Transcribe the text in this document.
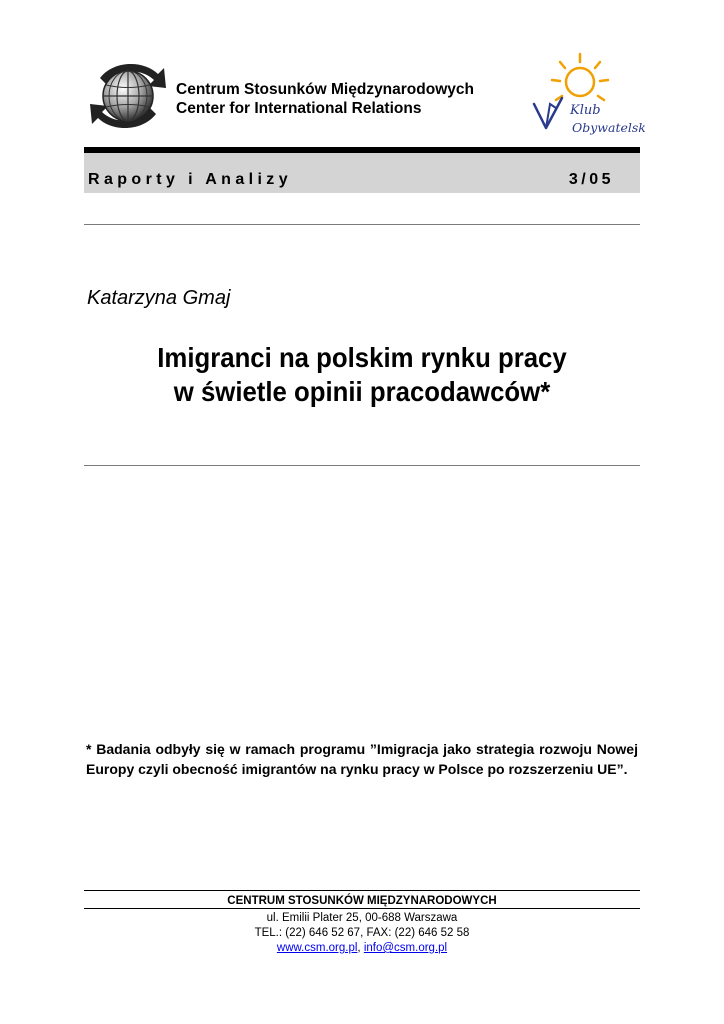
Centrum Stosunków Międzynarodowych
Center for International Relations	Klub
Obywatelski
Raporty i Analizy	3/05
Katarzyna Gmaj
Imigranci na polskim rynku pracy
w świetle opinii pracodawców*
* Badania odbyły się w ramach programu ”Imigracja jako strategia rozwoju Nowej Europy czyli obecność imigrantów na rynku pracy w Polsce po rozszerzeniu UE”.
CENTRUM STOSUNKÓW MIĘDZYNARODOWYCH
ul. Emilii Plater 25, 00-688 Warszawa
TEL.: (22) 646 52 67, FAX: (22) 646 52 58
www.csm.org.pl, info@csm.org.pl
